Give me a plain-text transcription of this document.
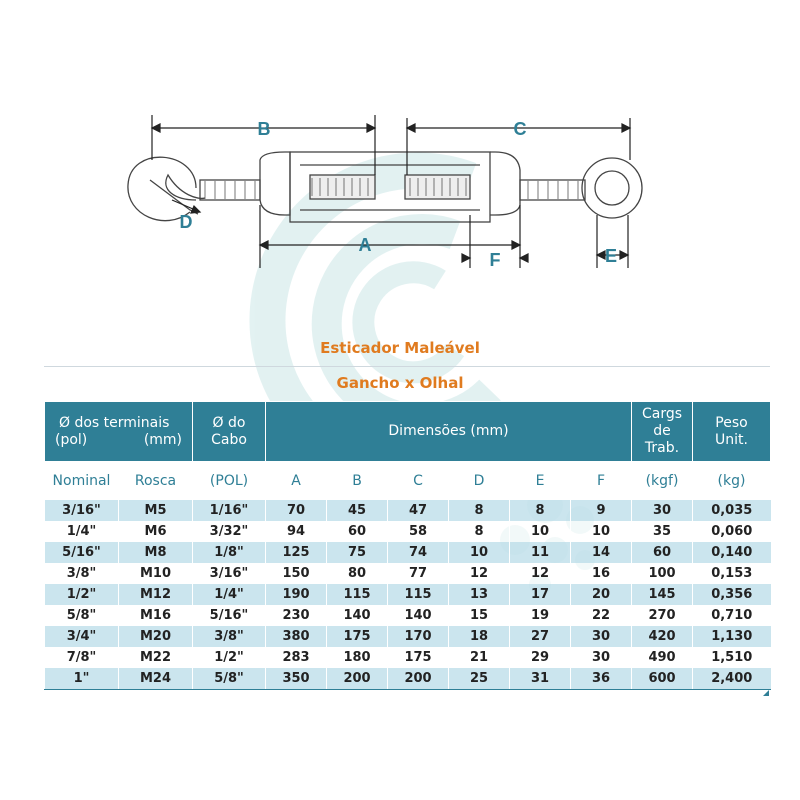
B	C
A
D
E
F
Esticador Maleável
Gancho x Olhal
Ø dos terminais
(pol) (mm)		Ø do Cabo	Dimensões (mm)						Cargs de Trab.	Peso Unit.
Nominal	Rosca	(POL)	A	B	C	D	E	F	(kgf)	(kg)
3/16"	M5	1/16"	70	45	47	8	8	9	30	0,035
1/4"	M6	3/32"	94	60	58	8	10	10	35	0,060
5/16"	M8	1/8"	125	75	74	10	11	14	60	0,140
3/8"	M10	3/16"	150	80	77	12	12	16	100	0,153
1/2"	M12	1/4"	190	115	115	13	17	20	145	0,356
5/8"	M16	5/16"	230	140	140	15	19	22	270	0,710
3/4"	M20	3/8"	380	175	170	18	27	30	420	1,130
7/8"	M22	1/2"	283	180	175	21	29	30	490	1,510
1"	M24	5/8"	350	200	200	25	31	36	600	2,400
